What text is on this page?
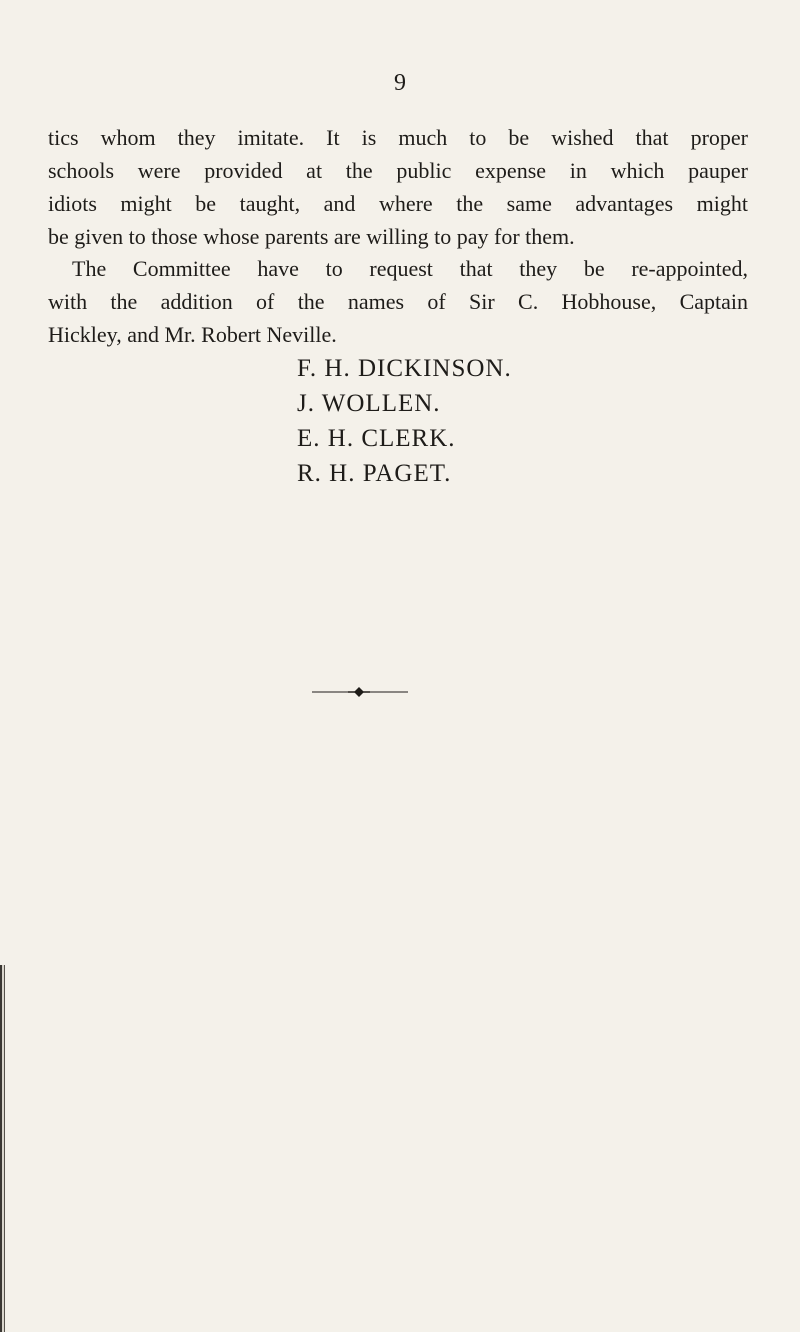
9

tics whom they imitate. It is much to be wished that proper
schools were provided at the public expense in which pauper
idiots might be taught, and where the same advantages might
be given to those whose parents are willing to pay for them.

The Committee have to request that they be re-appointed,
with the addition of the names of Sir C. Hobhouse, Captain
Hickley, and Mr. Robert Neville.

F. H. DICKINSON.
J. WOLLEN.
E. H. CLERK.
R. H. PAGET.
